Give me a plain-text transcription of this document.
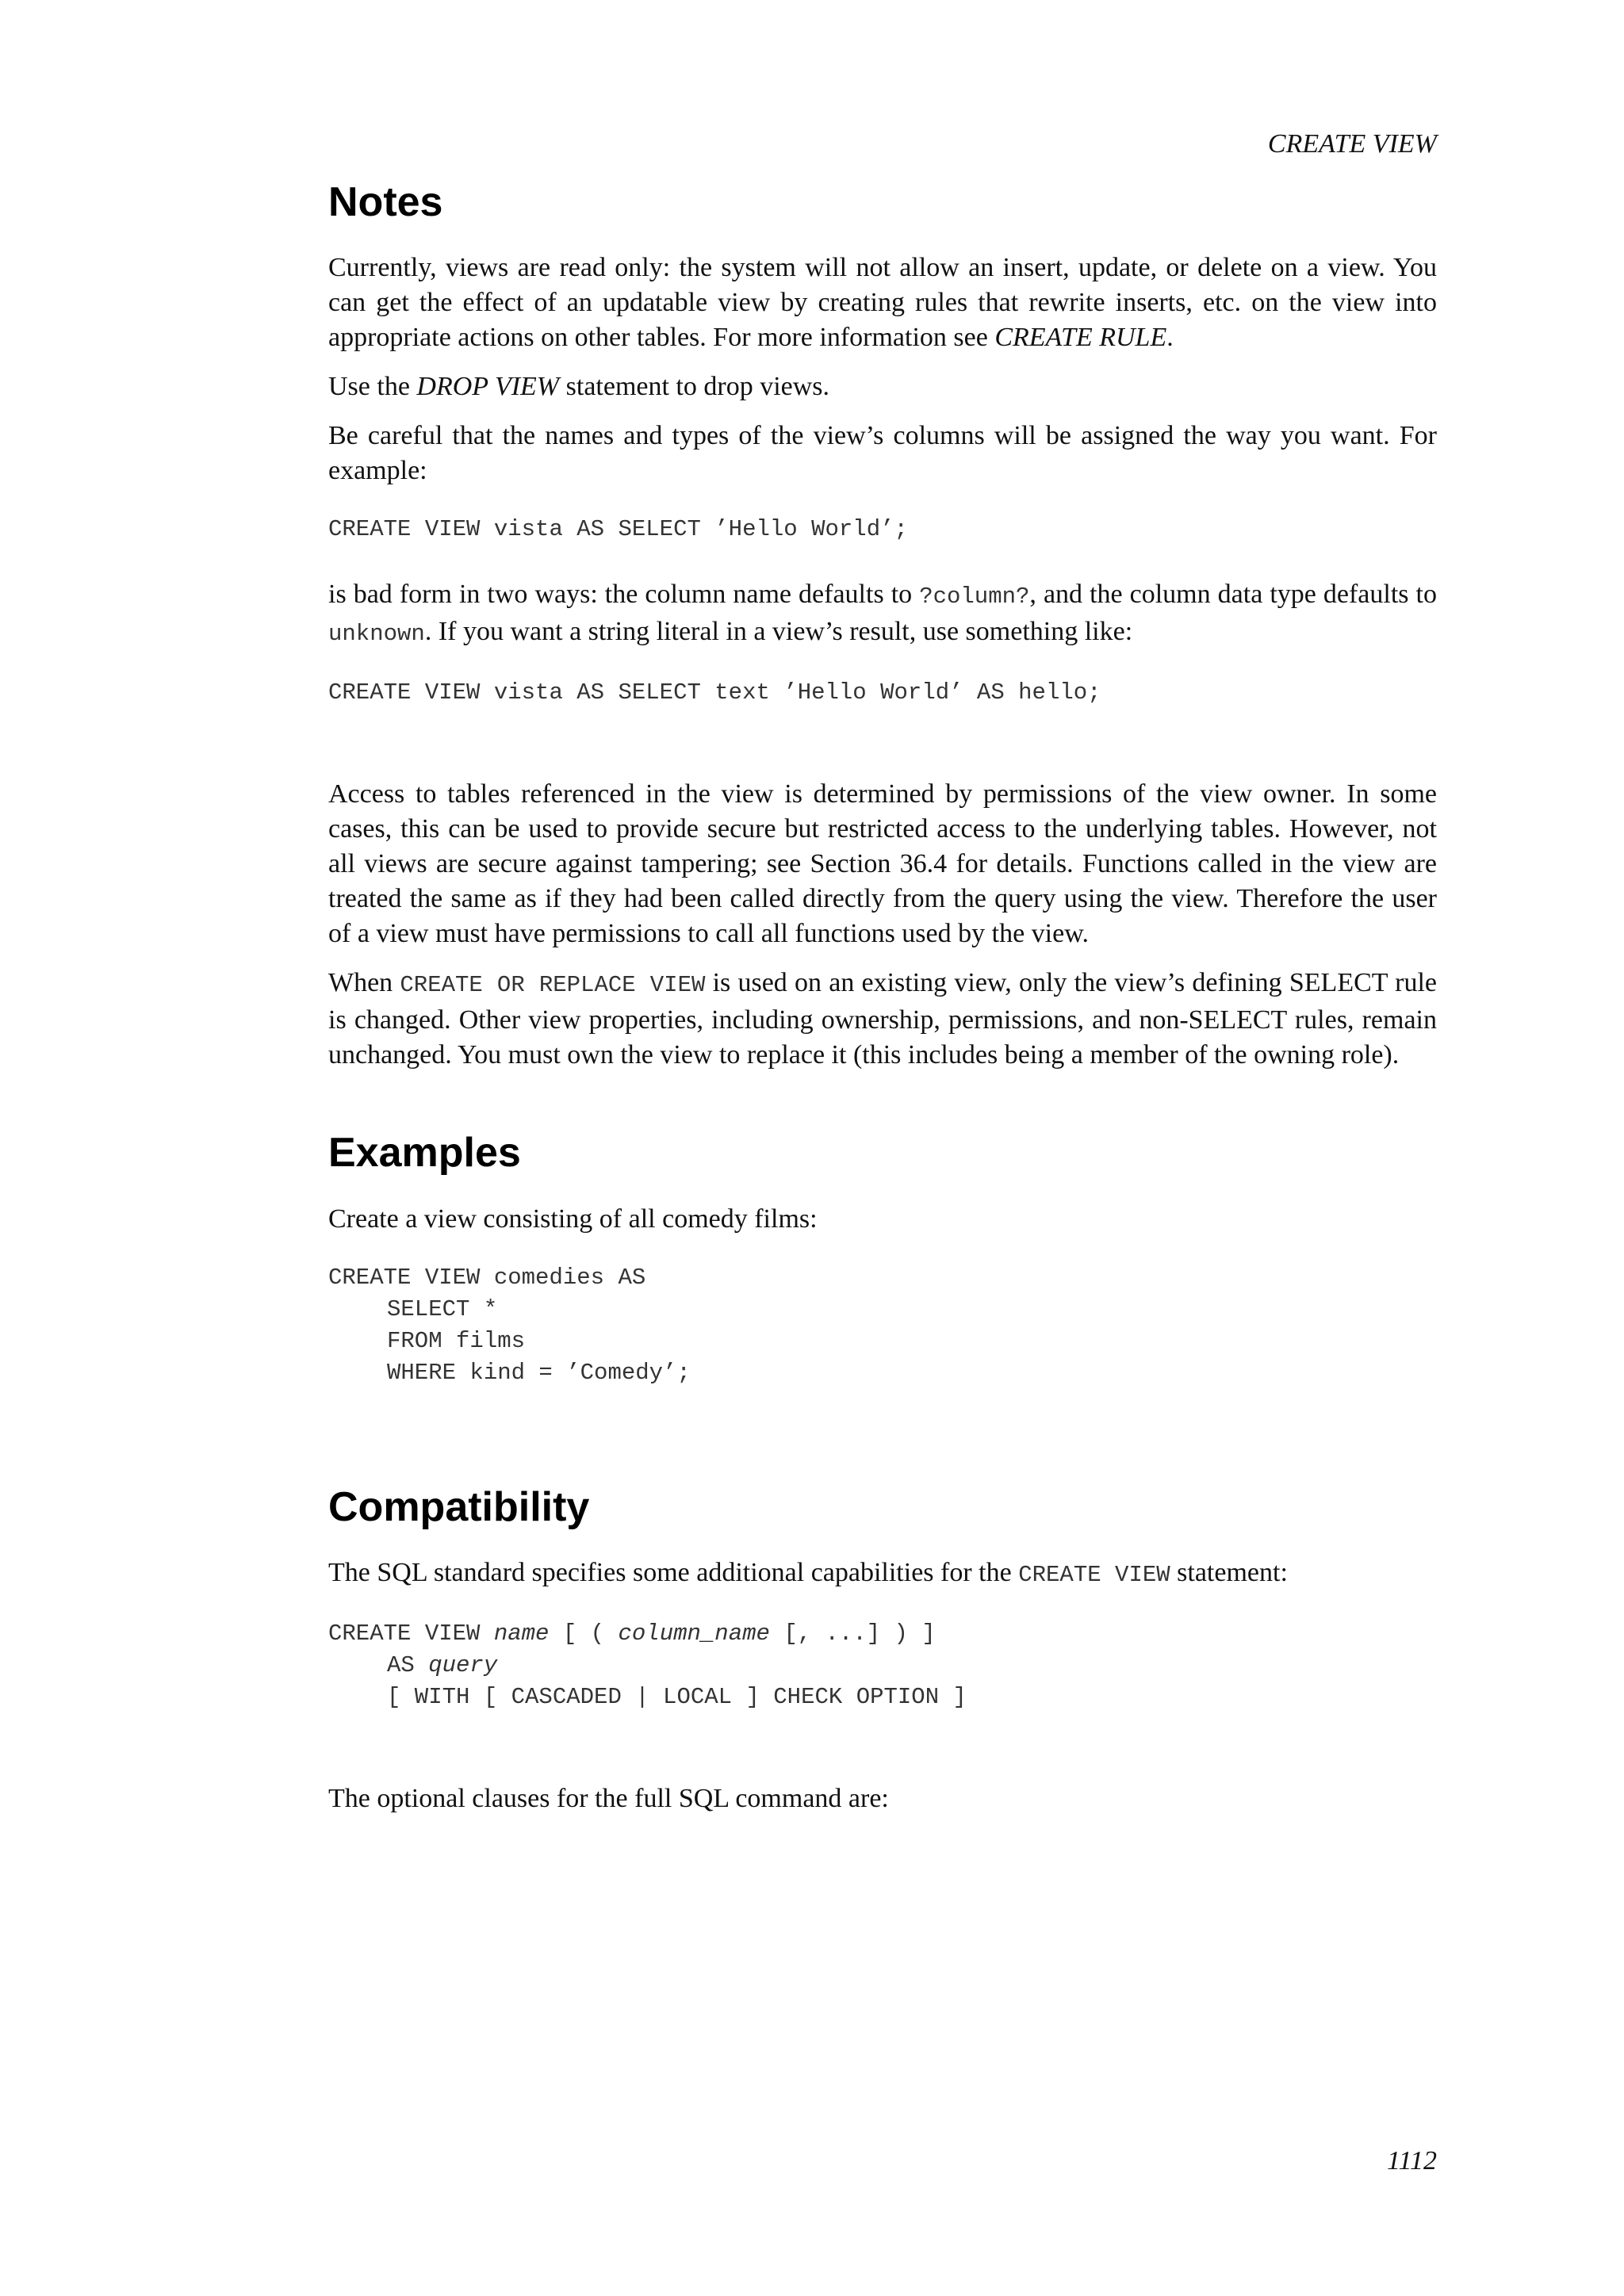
CREATE VIEW

Notes

Currently, views are read only: the system will not allow an insert, update, or delete on a view. You can get the effect of an updatable view by creating rules that rewrite inserts, etc. on the view into appropriate actions on other tables. For more information see CREATE RULE.

Use the DROP VIEW statement to drop views.

Be careful that the names and types of the view’s columns will be assigned the way you want. For example:

CREATE VIEW vista AS SELECT ’Hello World’;

is bad form in two ways: the column name defaults to ?column?, and the column data type defaults to unknown. If you want a string literal in a view’s result, use something like:

CREATE VIEW vista AS SELECT text ’Hello World’ AS hello;

Access to tables referenced in the view is determined by permissions of the view owner. In some cases, this can be used to provide secure but restricted access to the underlying tables. However, not all views are secure against tampering; see Section 36.4 for details. Functions called in the view are treated the same as if they had been called directly from the query using the view. Therefore the user of a view must have permissions to call all functions used by the view.

When CREATE OR REPLACE VIEW is used on an existing view, only the view’s defining SELECT rule is changed. Other view properties, including ownership, permissions, and non-SELECT rules, remain unchanged. You must own the view to replace it (this includes being a member of the owning role).

Examples

Create a view consisting of all comedy films:

CREATE VIEW comedies AS
SELECT *
FROM films
WHERE kind = ’Comedy’;
Compatibility

The SQL standard specifies some additional capabilities for the CREATE VIEW statement:

CREATE VIEW name [ ( column_name [, ...] ) ]
AS query
[ WITH [ CASCADED | LOCAL ] CHECK OPTION ]

The optional clauses for the full SQL command are:

1112
